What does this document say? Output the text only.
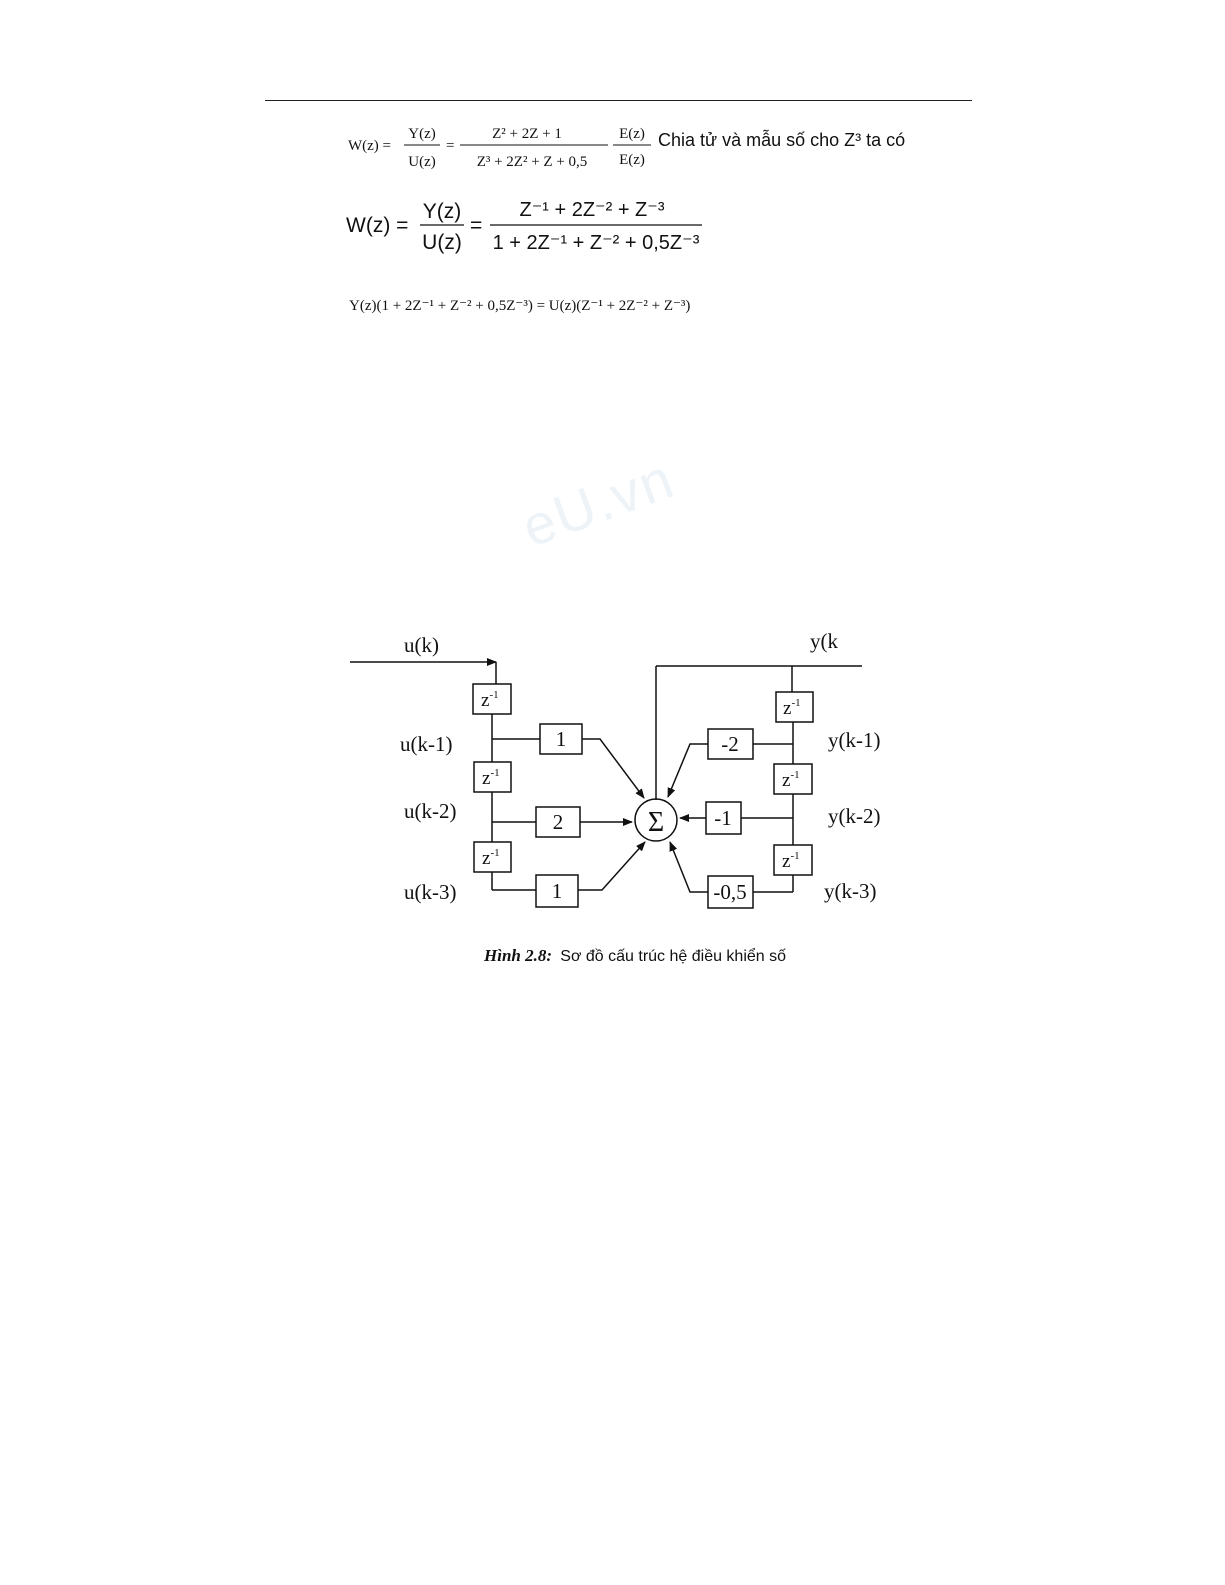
W(z) =
Y(z)
U(z)
=
Z² + 2Z + 1
Z³ + 2Z² + Z + 0,5
E(z)
E(z)
Chia tử và mẫu số cho Z³ ta có
W(z) =
Y(z)
U(z)
=
Z⁻¹ + 2Z⁻² + Z⁻³
1 + 2Z⁻¹ + Z⁻² + 0,5Z⁻³
Y(z)(1 + 2Z⁻¹ + Z⁻² + 0,5Z⁻³) = U(z)(Z⁻¹ + 2Z⁻² + Z⁻³)
eU.vn
Σ
u(k)	y(k
u(k-1)
u(k-2)
u(k-3)
y(k-1)
y(k-2)
y(k-3)
$z^{-1}$
$z^{-1}$
$z^{-1}$
$z^{-1}$
$z^{-1}$
$z^{-1}$
1
2
1
-2
-1
-0,5
Hình 2.8: Sơ đồ cấu trúc hệ điều khiển số
